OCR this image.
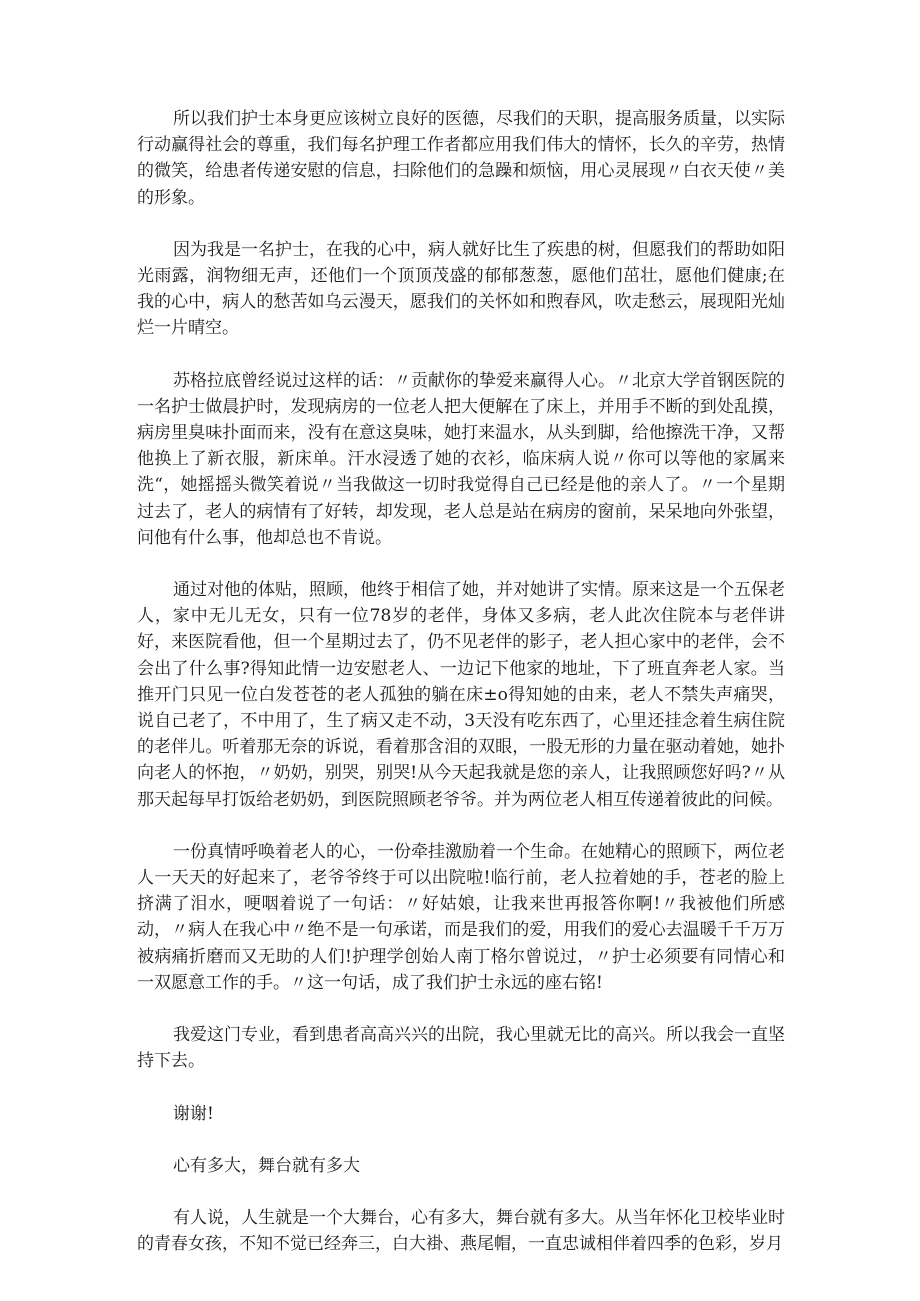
所以我们护士本身更应该树立良好的医德，尽我们的天职，提高服务质量，以实际行动赢得社会的尊重，我们每名护理工作者都应用我们伟大的情怀，长久的辛劳，热情的微笑，给患者传递安慰的信息，扫除他们的急躁和烦恼，用心灵展现〃白衣天使〃美的形象。

因为我是一名护士，在我的心中，病人就好比生了疾患的树，但愿我们的帮助如阳光雨露，润物细无声，还他们一个顶顶茂盛的郁郁葱葱，愿他们茁壮，愿他们健康;在我的心中，病人的愁苦如乌云漫天，愿我们的关怀如和煦春风，吹走愁云，展现阳光灿烂一片晴空。

苏格拉底曾经说过这样的话：〃贡献你的挚爱来赢得人心。〃北京大学首钢医院的一名护士做晨护时，发现病房的一位老人把大便解在了床上，并用手不断的到处乱摸，病房里臭味扑面而来，没有在意这臭味，她打来温水，从头到脚，给他擦洗干净，又帮他换上了新衣服，新床单。汗水浸透了她的衣衫，临床病人说〃你可以等他的家属来洗“，她摇摇头微笑着说〃当我做这一切时我觉得自己已经是他的亲人了。〃一个星期过去了，老人的病情有了好转，却发现，老人总是站在病房的窗前，呆呆地向外张望，问他有什么事，他却总也不肯说。

通过对他的体贴，照顾，他终于相信了她，并对她讲了实情。原来这是一个五保老人，家中无儿无女，只有一位78岁的老伴，身体又多病，老人此次住院本与老伴讲好，来医院看他，但一个星期过去了，仍不见老伴的影子，老人担心家中的老伴，会不会出了什么事?得知此情一边安慰老人、一边记下他家的地址，下了班直奔老人家。当推开门只见一位白发苍苍的老人孤独的躺在床±o得知她的由来，老人不禁失声痛哭，说自己老了，不中用了，生了病又走不动，3天没有吃东西了，心里还挂念着生病住院的老伴儿。听着那无奈的诉说，看着那含泪的双眼，一股无形的力量在驱动着她，她扑向老人的怀抱，〃奶奶，别哭，别哭!从今天起我就是您的亲人，让我照顾您好吗?〃从那天起每早打饭给老奶奶，到医院照顾老爷爷。并为两位老人相互传递着彼此的问候。

一份真情呼唤着老人的心，一份牵挂激励着一个生命。在她精心的照顾下，两位老人一天天的好起来了，老爷爷终于可以出院啦!临行前，老人拉着她的手，苍老的脸上挤满了泪水，哽咽着说了一句话：〃好姑娘，让我来世再报答你啊!〃我被他们所感动，〃病人在我心中〃绝不是一句承诺，而是我们的爱，用我们的爱心去温暖千千万万被病痛折磨而又无助的人们!护理学创始人南丁格尔曾说过，〃护士必须要有同情心和一双愿意工作的手。〃这一句话，成了我们护士永远的座右铭!

我爱这门专业，看到患者高高兴兴的出院，我心里就无比的高兴。所以我会一直坚持下去。

谢谢!

心有多大，舞台就有多大

有人说，人生就是一个大舞台，心有多大，舞台就有多大。从当年怀化卫校毕业时的青春女孩，不知不觉已经奔三，白大褂、燕尾帽，一直忠诚相伴着四季的色彩，岁月
